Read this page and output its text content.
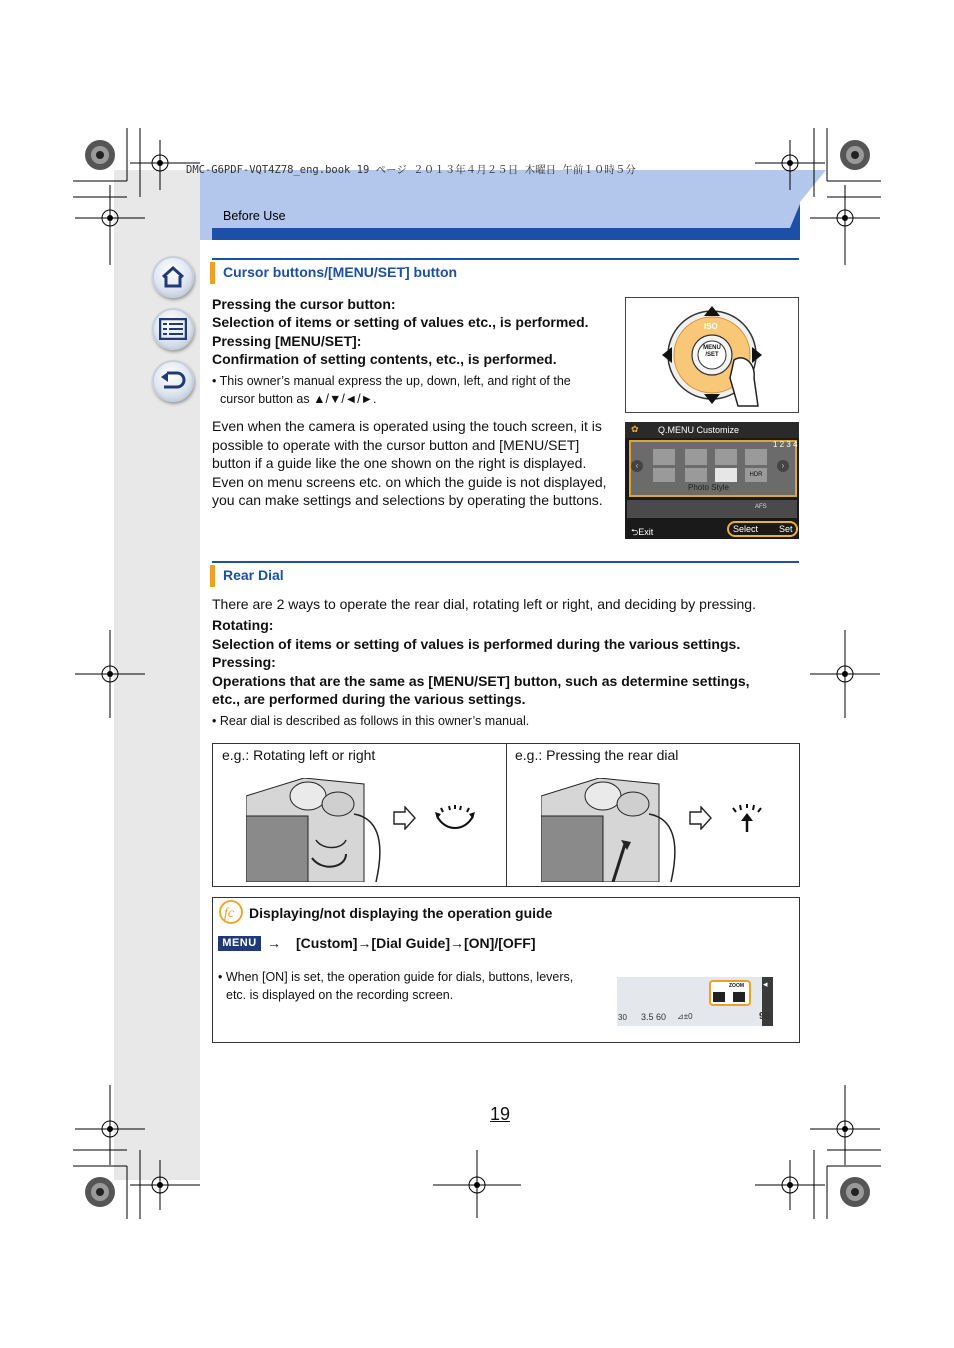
DMC-G6PDF-VQT4Z78_eng.book 19 ページ ２０１３年４月２５日 木曜日 午前１０時５分
Before Use
Cursor buttons/[MENU/SET] button
Pressing the cursor button:
Selection of items or setting of values etc., is performed.
Pressing [MENU/SET]:
Confirmation of setting contents, etc., is performed.
• This owner’s manual express the up, down, left, and right of the
cursor button as ▲/▼/◄/►.
Even when the camera is operated using the touch screen, it is possible to operate with the cursor button and [MENU/SET] button if a guide like the one shown on the right is displayed. Even on menu screens etc. on which the guide is not displayed, you can make settings and selections by operating the buttons.
MENU
/SET
ISO
Q.MENU Customize
✿
1 2 3 4
HDR
Photo Style
‹	›
AFS
⮌Exit	Select Set
Rear Dial
There are 2 ways to operate the rear dial, rotating left or right, and deciding by pressing.
Rotating:
Selection of items or setting of values is performed during the various settings.
Pressing:
Operations that are the same as [MENU/SET] button, such as determine settings,
etc., are performed during the various settings.
• Rear dial is described as follows in this owner’s manual.
e.g.: Rotating left or right	e.g.: Pressing the rear dial
fc Displaying/not displaying the operation guide
MENU → [Custom]→[Dial Guide]→[ON]/[OFF]
• When [ON] is set, the operation guide for dials, buttons, levers,
etc. is displayed on the recording screen.
◂
ZOOM
30 3.5 60 ⊿±0	98
19
